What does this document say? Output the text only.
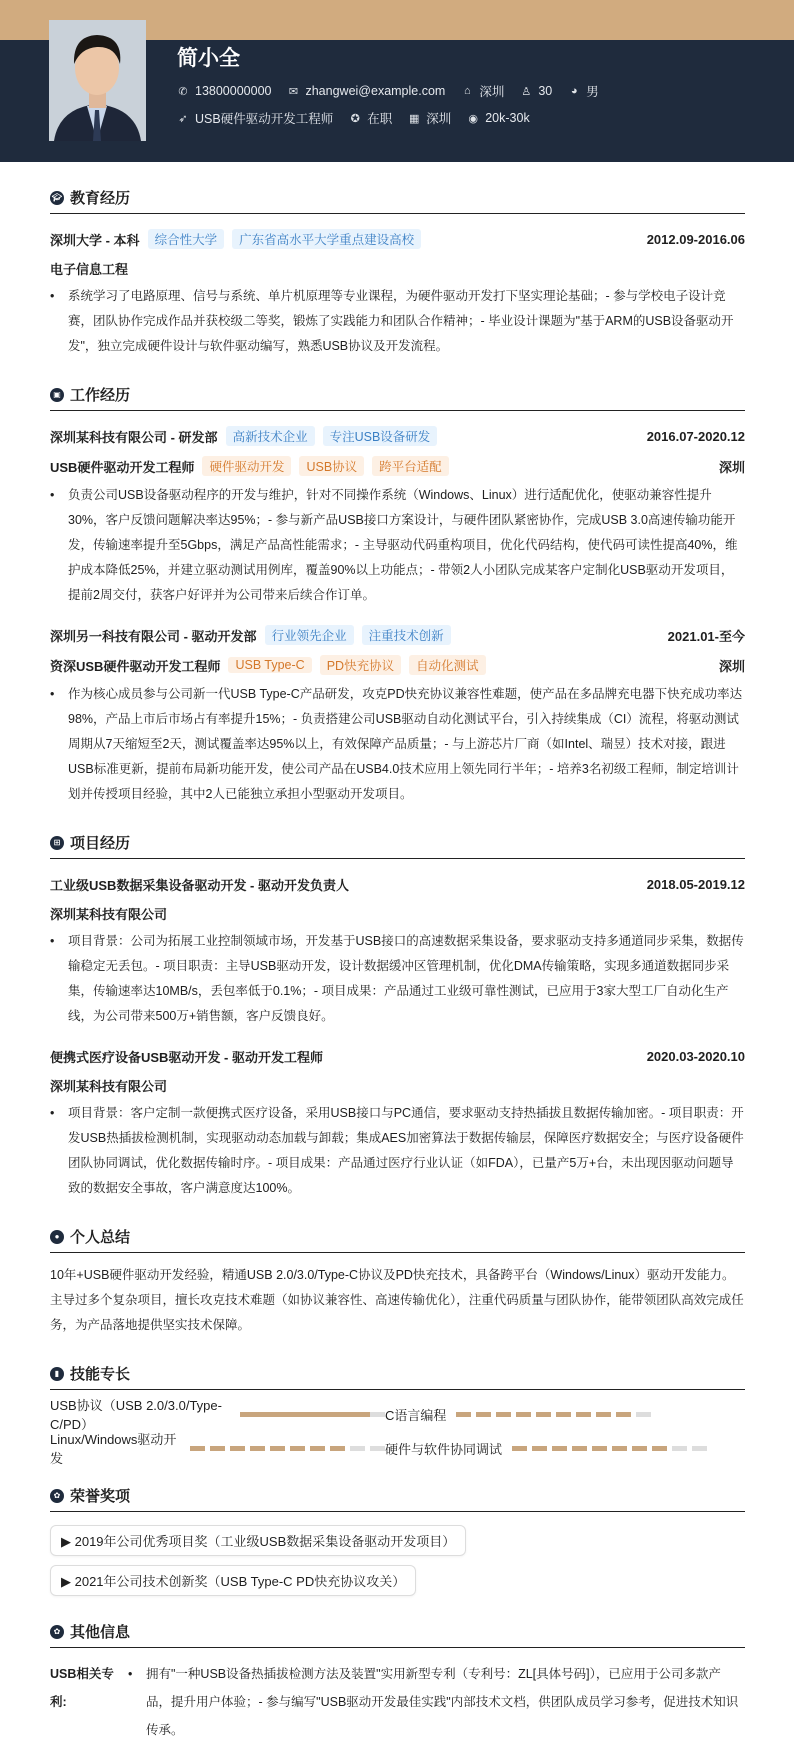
简小全
✆ 13800000000 ✉ zhangwei@example.com ⌂ 深圳 ♙ 30 ◕ 男
➶ USB硬件驱动开发工程师 ✪ 在职 ▦ 深圳 ◉ 20k-30k
🎓︎ 教育经历
深圳大学 - 本科	综合性大学	广东省高水平大学重点建设高校	2012.09-2016.06
电子信息工程
•	系统学习了电路原理、信号与系统、单片机原理等专业课程，为硬件驱动开发打下坚实理论基础；- 参与学校电子设计竞赛，团队协作完成作品并获校级二等奖，锻炼了实践能力和团队合作精神；- 毕业设计课题为"基于ARM的USB设备驱动开发"，独立完成硬件设计与软件驱动编写，熟悉USB协议及开发流程。
▣ 工作经历
深圳某科技有限公司 - 研发部	高新技术企业	专注USB设备研发	2016.07-2020.12
USB硬件驱动开发工程师	硬件驱动开发	USB协议	跨平台适配	深圳
•	负责公司USB设备驱动程序的开发与维护，针对不同操作系统（Windows、Linux）进行适配优化，使驱动兼容性提升30%，客户反馈问题解决率达95%；- 参与新产品USB接口方案设计，与硬件团队紧密协作，完成USB 3.0高速传输功能开发，传输速率提升至5Gbps，满足产品高性能需求；- 主导驱动代码重构项目，优化代码结构，使代码可读性提高40%，维护成本降低25%，并建立驱动测试用例库，覆盖90%以上功能点；- 带领2人小团队完成某客户定制化USB驱动开发项目，提前2周交付，获客户好评并为公司带来后续合作订单。
深圳另一科技有限公司 - 驱动开发部	行业领先企业	注重技术创新	2021.01-至今
资深USB硬件驱动开发工程师	USB Type-C	PD快充协议	自动化测试	深圳
•	作为核心成员参与公司新一代USB Type-C产品研发，攻克PD快充协议兼容性难题，使产品在多品牌充电器下快充成功率达98%，产品上市后市场占有率提升15%；- 负责搭建公司USB驱动自动化测试平台，引入持续集成（CI）流程，将驱动测试周期从7天缩短至2天，测试覆盖率达95%以上，有效保障产品质量；- 与上游芯片厂商（如Intel、瑞昱）技术对接，跟进USB标准更新，提前布局新功能开发，使公司产品在USB4.0技术应用上领先同行半年；- 培养3名初级工程师，制定培训计划并传授项目经验，其中2人已能独立承担小型驱动开发项目。
⊞ 项目经历
工业级USB数据采集设备驱动开发 - 驱动开发负责人	2018.05-2019.12
深圳某科技有限公司
•	项目背景：公司为拓展工业控制领域市场，开发基于USB接口的高速数据采集设备，要求驱动支持多通道同步采集，数据传输稳定无丢包。- 项目职责：主导USB驱动开发，设计数据缓冲区管理机制，优化DMA传输策略，实现多通道数据同步采集，传输速率达10MB/s，丢包率低于0.1%；- 项目成果：产品通过工业级可靠性测试，已应用于3家大型工厂自动化生产线，为公司带来500万+销售额，客户反馈良好。
便携式医疗设备USB驱动开发 - 驱动开发工程师	2020.03-2020.10
深圳某科技有限公司
•	项目背景：客户定制一款便携式医疗设备，采用USB接口与PC通信，要求驱动支持热插拔且数据传输加密。- 项目职责：开发USB热插拔检测机制，实现驱动动态加载与卸载；集成AES加密算法于数据传输层，保障医疗数据安全；与医疗设备硬件团队协同调试，优化数据传输时序。- 项目成果：产品通过医疗行业认证（如FDA），已量产5万+台，未出现因驱动问题导致的数据安全事故，客户满意度达100%。
● 个人总结
10年+USB硬件驱动开发经验，精通USB 2.0/3.0/Type-C协议及PD快充技术，具备跨平台（Windows/Linux）驱动开发能力。主导过多个复杂项目，擅长攻克技术难题（如协议兼容性、高速传输优化），注重代码质量与团队协作，能带领团队高效完成任务，为产品落地提供坚实技术保障。
▮ 技能专长
USB协议（USB 2.0/3.0/Type-C/PD）
C语言编程
Linux/Windows驱动开发
硬件与软件协同调试
✿ 荣誉奖项
▶ 2019年公司优秀项目奖（工业级USB数据采集设备驱动开发项目）
▶ 2021年公司技术创新奖（USB Type-C PD快充协议攻关）
✿ 其他信息
USB相关专利:
•	拥有"一种USB设备热插拔检测方法及装置"实用新型专利（专利号：ZL[具体号码]），已应用于公司多款产品，提升用户体验；- 参与编写"USB驱动开发最佳实践"内部技术文档，供团队成员学习参考，促进技术知识传承。
